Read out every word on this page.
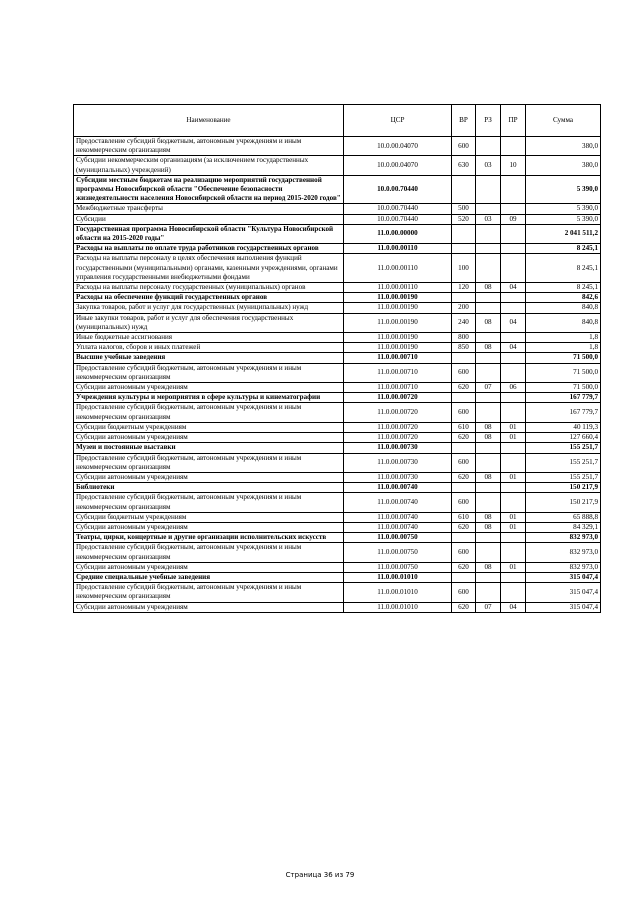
Наименование	ЦСР	ВР	РЗ	ПР	Сумма
Предоставление субсидий бюджетным, автономным учреждениям и иным некоммерческим организациям	10.0.00.04070	600			380,0
Субсидии некоммерческим организациям (за исключением государственных (муниципальных) учреждений)	10.0.00.04070	630	03	10	380,0
Субсидии местным бюджетам на реализацию мероприятий государственной программы Новосибирской области "Обеспечение безопасности жизнедеятельности населения Новосибирской области на период 2015-2020 годов"	10.0.00.70440				5 390,0
Межбюджетные трансферты	10.0.00.70440	500			5 390,0
Субсидии	10.0.00.70440	520	03	09	5 390,0
Государственная программа Новосибирской области "Культура Новосибирской области на 2015-2020 годы"	11.0.00.00000				2 041 511,2
Расходы на выплаты по оплате труда работников государственных органов	11.0.00.00110				8 245,1
Расходы на выплаты персоналу в целях обеспечения выполнения функций государственными (муниципальными) органами, казенными учреждениями, органами управления государственными внебюджетными фондами	11.0.00.00110	100			8 245,1
Расходы на выплаты персоналу государственных (муниципальных) органов	11.0.00.00110	120	08	04	8 245,1
Расходы на обеспечение функций государственных органов	11.0.00.00190				842,6
Закупка товаров, работ и услуг для государственных (муниципальных) нужд	11.0.00.00190	200			840,8
Иные закупки товаров, работ и услуг для обеспечения государственных (муниципальных) нужд	11.0.00.00190	240	08	04	840,8
Иные бюджетные ассигнования	11.0.00.00190	800			1,8
Уплата налогов, сборов и иных платежей	11.0.00.00190	850	08	04	1,8
Высшие учебные заведения	11.0.00.00710				71 500,0
Предоставление субсидий бюджетным, автономным учреждениям и иным некоммерческим организациям	11.0.00.00710	600			71 500,0
Субсидии автономным учреждениям	11.0.00.00710	620	07	06	71 500,0
Учреждения культуры и мероприятия в сфере культуры и кинематографии	11.0.00.00720				167 779,7
Предоставление субсидий бюджетным, автономным учреждениям и иным некоммерческим организациям	11.0.00.00720	600			167 779,7
Субсидии бюджетным учреждениям	11.0.00.00720	610	08	01	40 119,3
Субсидии автономным учреждениям	11.0.00.00720	620	08	01	127 660,4
Музеи и постоянные выставки	11.0.00.00730				155 251,7
Предоставление субсидий бюджетным, автономным учреждениям и иным некоммерческим организациям	11.0.00.00730	600			155 251,7
Субсидии автономным учреждениям	11.0.00.00730	620	08	01	155 251,7
Библиотеки	11.0.00.00740				150 217,9
Предоставление субсидий бюджетным, автономным учреждениям и иным некоммерческим организациям	11.0.00.00740	600			150 217,9
Субсидии бюджетным учреждениям	11.0.00.00740	610	08	01	65 888,8
Субсидии автономным учреждениям	11.0.00.00740	620	08	01	84 329,1
Театры, цирки, концертные и другие организации исполнительских искусств	11.0.00.00750				832 973,0
Предоставление субсидий бюджетным, автономным учреждениям и иным некоммерческим организациям	11.0.00.00750	600			832 973,0
Субсидии автономным учреждениям	11.0.00.00750	620	08	01	832 973,0
Средние специальные учебные заведения	11.0.00.01010				315 047,4
Предоставление субсидий бюджетным, автономным учреждениям и иным некоммерческим организациям	11.0.00.01010	600			315 047,4
Субсидии автономным учреждениям	11.0.00.01010	620	07	04	315 047,4
Страница 36 из 79
